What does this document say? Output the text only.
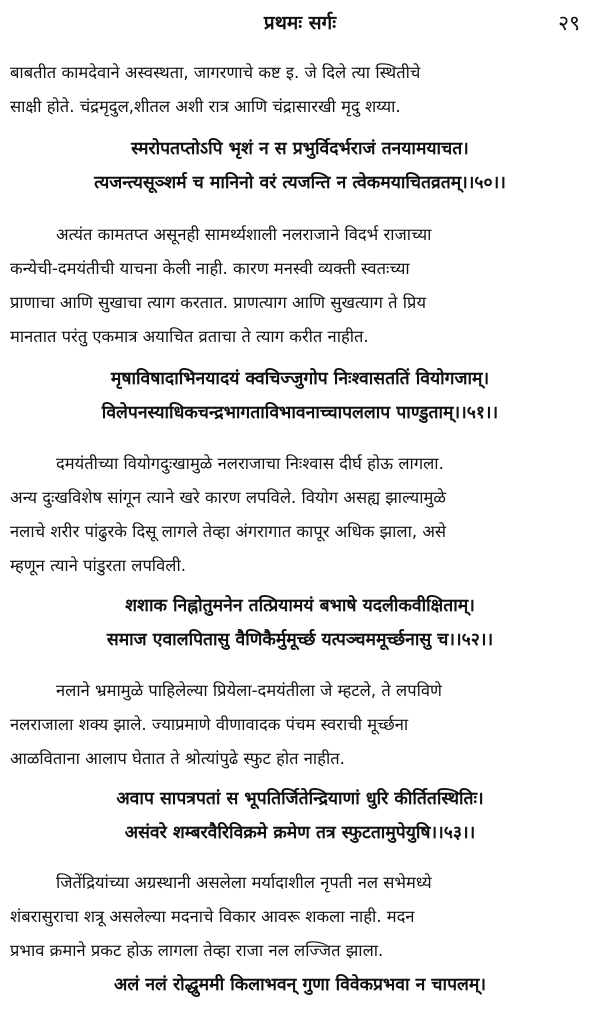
प्रथमः सर्गः	२९
बाबतीत कामदेवाने अस्वस्थता, जागरणाचे कष्ट इ. जे दिले त्या स्थितीचे
साक्षी होते. चंद्रमृदुल,शीतल अशी रात्र आणि चंद्रासारखी मृदु शय्या.
स्मरोपतप्तोऽपि भृशं न स प्रभुर्विदर्भराजं तनयामयाचत।
त्यजन्त्यसूञ्शर्म च मानिनो वरं त्यजन्ति न त्वेकमयाचितव्रतम्।।५०।।
अत्यंत कामतप्त असूनही सामर्थ्यशाली नलराजाने विदर्भ राजाच्या
कन्येची-दमयंतीची याचना केली नाही. कारण मनस्वी व्यक्ती स्वतःच्या
प्राणाचा आणि सुखाचा त्याग करतात. प्राणत्याग आणि सुखत्याग ते प्रिय
मानतात परंतु एकमात्र अयाचित व्रताचा ते त्याग करीत नाहीत.
मृषाविषादाभिनयादयं क्वचिज्जुगोप निःश्वासततिं वियोगजाम्।
विलेपनस्याधिकचन्द्रभागताविभावनाच्चापललाप पाण्डुताम्।।५१।।
दमयंतीच्या वियोगदुःखामुळे नलराजाचा निःश्वास दीर्घ होऊ लागला.
अन्य दुःखविशेष सांगून त्याने खरे कारण लपविले. वियोग असह्य झाल्यामुळे
नलाचे शरीर पांढुरके दिसू लागले तेव्हा अंगरागात कापूर अधिक झाला, असे
म्हणून त्याने पांडुरता लपविली.
शशाक निह्नोतुमनेन तत्प्रियामयं बभाषे यदलीकवीक्षिताम्।
समाज एवालपितासु वैणिकैर्मुमूर्च्छ यत्पञ्चममूर्च्छनासु च।।५२।।
नलाने भ्रमामुळे पाहिलेल्या प्रियेला-दमयंतीला जे म्हटले, ते लपविणे
नलराजाला शक्य झाले. ज्याप्रमाणे वीणावादक पंचम स्वराची मूर्च्छना
आळविताना आलाप घेतात ते श्रोत्यांपुढे स्फुट होत नाहीत.
अवाप सापत्रपतां स भूपतिर्जितेन्द्रियाणां धुरि कीर्तितस्थितिः।
असंवरे शम्बरवैरिविक्रमे क्रमेण तत्र स्फुटतामुपेयुषि।।५३।।
जितेंद्रियांच्या अग्रस्थानी असलेला मर्यादाशील नृपती नल सभेमध्ये
शंबरासुराचा शत्रू असलेल्या मदनाचे विकार आवरू शकला नाही. मदन
प्रभाव क्रमाने प्रकट होऊ लागला तेव्हा राजा नल लज्जित झाला.
अलं नलं रोद्धुममी किलाभवन् गुणा विवेकप्रभवा न चापलम्।
